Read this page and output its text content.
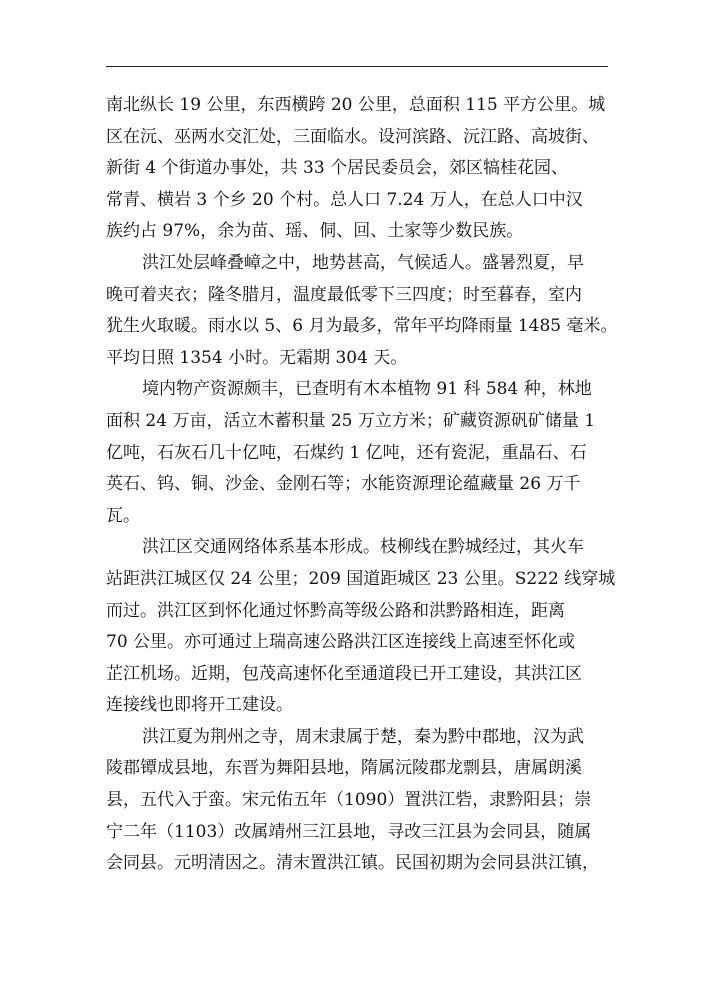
南北纵长 19 公里，东西横跨 20 公里，总面积 115 平方公里。城
区在沅、巫两水交汇处，三面临水。设河滨路、沅江路、高坡街、
新街 4 个街道办事处，共 33 个居民委员会，郊区犒桂花园、
常青、横岩 3 个乡 20 个村。总人口 7.24 万人，在总人口中汉
族约占 97%，余为苗、瑶、侗、回、土家等少数民族。
洪江处层峰叠嶂之中，地势甚高，气候适人。盛暑烈夏，早
晚可着夹衣；隆冬腊月，温度最低零下三四度；时至暮春，室内
犹生火取暖。雨水以 5、6 月为最多，常年平均降雨量 1485 毫米。
平均日照 1354 小时。无霜期 304 天。
境内物产资源颇丰，已查明有木本植物 91 科 584 种，林地
面积 24 万亩，活立木蓄积量 25 万立方米；矿藏资源矾矿储量 1
亿吨，石灰石几十亿吨，石煤约 1 亿吨，还有瓷泥，重晶石、石
英石、钨、铜、沙金、金刚石等；水能资源理论蕴藏量 26 万千
瓦。
洪江区交通网络体系基本形成。枝柳线在黔城经过，其火车
站距洪江城区仅 24 公里；209 国道距城区 23 公里。S222 线穿城
而过。洪江区到怀化通过怀黔高等级公路和洪黔路相连，距离
70 公里。亦可通过上瑞高速公路洪江区连接线上高速至怀化或
芷江机场。近期，包茂高速怀化至通道段已开工建设，其洪江区
连接线也即将开工建设。
洪江夏为荆州之寺，周末隶属于楚，秦为黔中郡地，汉为武
陵郡镡成县地，东晋为舞阳县地，隋属沅陵郡龙剽县，唐属朗溪
县，五代入于蛮。宋元佑五年（1090）置洪江砦，隶黔阳县；崇
宁二年（1103）改属靖州三江县地，寻改三江县为会同县，随属
会同县。元明清因之。清末置洪江镇。民国初期为会同县洪江镇，
